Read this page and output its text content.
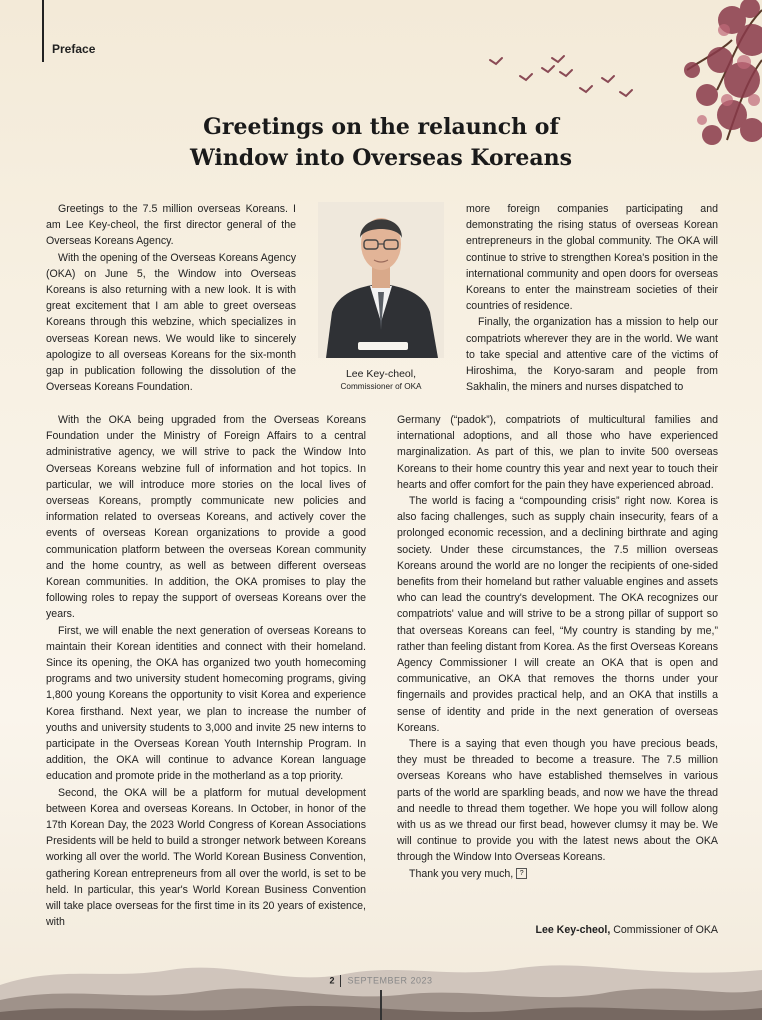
Preface
Greetings on the relaunch of
Window into Overseas Koreans

Greetings to the 7.5 million overseas Koreans. I am Lee Key-cheol, the first director general of the Overseas Koreans Agency.

With the opening of the Overseas Koreans Agency (OKA) on June 5, the Window into Overseas Koreans is also returning with a new look. It is with great excitement that I am able to greet overseas Koreans through this webzine, which specializes in overseas Korean news. We would like to sincerely apologize to all overseas Koreans for the six-month gap in publication following the dissolution of the Overseas Koreans Foundation.

Lee Key-cheol,
Commissioner of OKA

more foreign companies participating and demonstrating the rising status of overseas Korean entrepreneurs in the global community. The OKA will continue to strive to strengthen Korea's position in the international community and open doors for overseas Koreans to enter the mainstream societies of their countries of residence.

Finally, the organization has a mission to help our compatriots wherever they are in the world. We want to take special and attentive care of the victims of Hiroshima, the Koryo-saram and people from Sakhalin, the miners and nurses dispatched to

With the OKA being upgraded from the Overseas Koreans Foundation under the Ministry of Foreign Affairs to a central administrative agency, we will strive to pack the Window Into Overseas Koreans webzine full of information and hot topics. In particular, we will introduce more stories on the local lives of overseas Koreans, promptly communicate new policies and information related to overseas Koreans, and actively cover the events of overseas Korean organizations to provide a good communication platform between the overseas Korean community and the home country, as well as between different overseas Korean communities. In addition, the OKA promises to play the following roles to repay the support of overseas Koreans over the years.

First, we will enable the next generation of overseas Koreans to maintain their Korean identities and connect with their homeland. Since its opening, the OKA has organized two youth homecoming programs and two university student homecoming programs, giving 1,800 young Koreans the opportunity to visit Korea and experience Korea firsthand. Next year, we plan to increase the number of youths and university students to 3,000 and invite 25 new interns to participate in the Overseas Korean Youth Internship Program. In addition, the OKA will continue to advance Korean language education and promote pride in the motherland as a top priority.

Second, the OKA will be a platform for mutual development between Korea and overseas Koreans. In October, in honor of the 17th Korean Day, the 2023 World Congress of Korean Associations Presidents will be held to build a stronger network between Koreans working all over the world. The World Korean Business Convention, gathering Korean entrepreneurs from all over the world, is set to be held. In particular, this year's World Korean Business Convention will take place overseas for the first time in its 20 years of existence, with

Germany (“padok”), compatriots of multicultural families and international adoptions, and all those who have experienced marginalization. As part of this, we plan to invite 500 overseas Koreans to their home country this year and next year to touch their hearts and offer comfort for the pain they have experienced abroad.

The world is facing a “compounding crisis” right now. Korea is also facing challenges, such as supply chain insecurity, fears of a prolonged economic recession, and a declining birthrate and aging society. Under these circumstances, the 7.5 million overseas Koreans around the world are no longer the recipients of one-sided benefits from their homeland but rather valuable engines and assets who can lead the country's development. The OKA recognizes our compatriots' value and will strive to be a strong pillar of support so that overseas Koreans can feel, “My country is standing by me,” rather than feeling distant from Korea. As the first Overseas Koreans Agency Commissioner I will create an OKA that is open and communicative, an OKA that removes the thorns under your fingernails and provides practical help, and an OKA that instills a sense of identity and pride in the next generation of overseas Koreans.

There is a saying that even though you have precious beads, they must be threaded to become a treasure. The 7.5 million overseas Koreans who have established themselves in various parts of the world are sparkling beads, and now we have the thread and needle to thread them together. We hope you will follow along with us as we thread our first bead, however clumsy it may be. We will continue to provide you with the latest news about the OKA through the Window Into Overseas Koreans.

Thank you very much, ?

Lee Key-cheol, Commissioner of OKA
2 SEPTEMBER 2023
